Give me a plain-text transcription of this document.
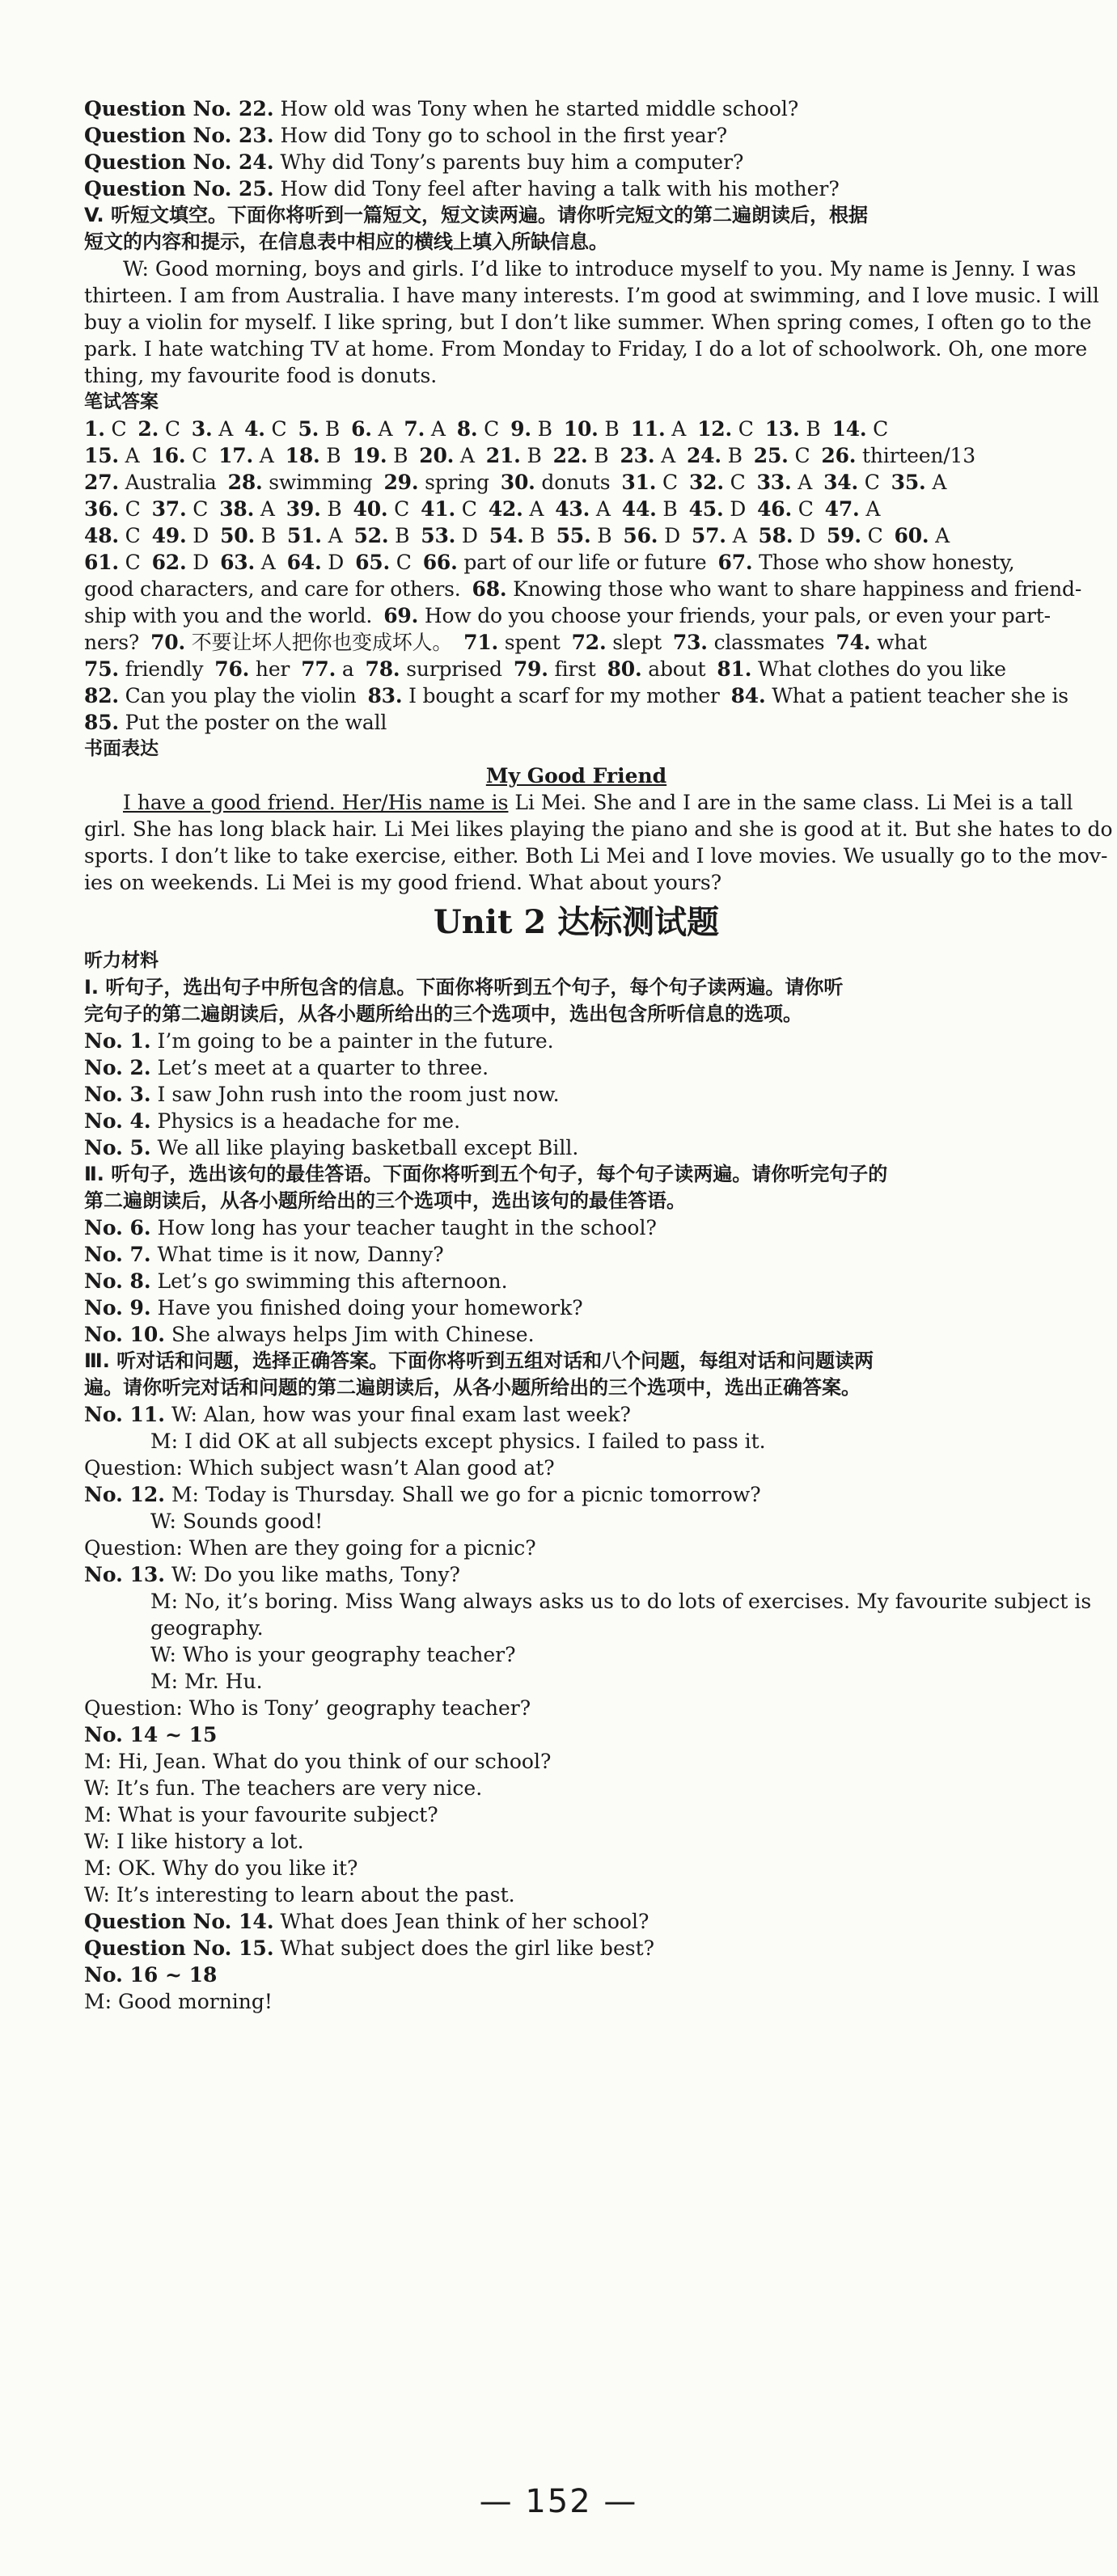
Question No. 22. How old was Tony when he started middle school?
Question No. 23. How did Tony go to school in the first year?
Question No. 24. Why did Tony’s parents buy him a computer?
Question No. 25. How did Tony feel after having a talk with his mother?
V. 听短文填空。下面你将听到一篇短文，短文读两遍。请你听完短文的第二遍朗读后，根据
短文的内容和提示，在信息表中相应的横线上填入所缺信息。
W: Good morning, boys and girls. I’d like to introduce myself to you. My name is Jenny. I was
thirteen. I am from Australia. I have many interests. I’m good at swimming, and I love music. I will
buy a violin for myself. I like spring, but I don’t like summer. When spring comes, I often go to the
park. I hate watching TV at home. From Monday to Friday, I do a lot of schoolwork. Oh, one more
thing, my favourite food is donuts.
笔试答案
1. C 2. C 3. A 4. C 5. B 6. A 7. A 8. C 9. B 10. B 11. A 12. C 13. B 14. C
15. A 16. C 17. A 18. B 19. B 20. A 21. B 22. B 23. A 24. B 25. C 26. thirteen/13
27. Australia 28. swimming 29. spring 30. donuts 31. C 32. C 33. A 34. C 35. A
36. C 37. C 38. A 39. B 40. C 41. C 42. A 43. A 44. B 45. D 46. C 47. A
48. C 49. D 50. B 51. A 52. B 53. D 54. B 55. B 56. D 57. A 58. D 59. C 60. A
61. C 62. D 63. A 64. D 65. C 66. part of our life or future 67. Those who show honesty,
good characters, and care for others. 68. Knowing those who want to share happiness and friend-
ship with you and the world. 69. How do you choose your friends, your pals, or even your part-
ners? 70. 不要让坏人把你也变成坏人。 71. spent 72. slept 73. classmates 74. what
75. friendly 76. her 77. a 78. surprised 79. first 80. about 81. What clothes do you like
82. Can you play the violin 83. I bought a scarf for my mother 84. What a patient teacher she is
85. Put the poster on the wall
书面表达
My Good Friend
I have a good friend. Her/His name is Li Mei. She and I are in the same class. Li Mei is a tall
girl. She has long black hair. Li Mei likes playing the piano and she is good at it. But she hates to do
sports. I don’t like to take exercise, either. Both Li Mei and I love movies. We usually go to the mov-
ies on weekends. Li Mei is my good friend. What about yours?
Unit 2 达标测试题
听力材料
Ⅰ. 听句子，选出句子中所包含的信息。下面你将听到五个句子，每个句子读两遍。请你听
完句子的第二遍朗读后，从各小题所给出的三个选项中，选出包含所听信息的选项。
No. 1. I’m going to be a painter in the future.
No. 2. Let’s meet at a quarter to three.
No. 3. I saw John rush into the room just now.
No. 4. Physics is a headache for me.
No. 5. We all like playing basketball except Bill.
Ⅱ. 听句子，选出该句的最佳答语。下面你将听到五个句子，每个句子读两遍。请你听完句子的
第二遍朗读后，从各小题所给出的三个选项中，选出该句的最佳答语。
No. 6. How long has your teacher taught in the school?
No. 7. What time is it now, Danny?
No. 8. Let’s go swimming this afternoon.
No. 9. Have you finished doing your homework?
No. 10. She always helps Jim with Chinese.
Ⅲ. 听对话和问题，选择正确答案。下面你将听到五组对话和八个问题，每组对话和问题读两
遍。请你听完对话和问题的第二遍朗读后，从各小题所给出的三个选项中，选出正确答案。
No. 11. W: Alan, how was your final exam last week?
M: I did OK at all subjects except physics. I failed to pass it.
Question: Which subject wasn’t Alan good at?
No. 12. M: Today is Thursday. Shall we go for a picnic tomorrow?
W: Sounds good!
Question: When are they going for a picnic?
No. 13. W: Do you like maths, Tony?
M: No, it’s boring. Miss Wang always asks us to do lots of exercises. My favourite subject is
geography.
W: Who is your geography teacher?
M: Mr. Hu.
Question: Who is Tony’ geography teacher?
No. 14 ~ 15
M: Hi, Jean. What do you think of our school?
W: It’s fun. The teachers are very nice.
M: What is your favourite subject?
W: I like history a lot.
M: OK. Why do you like it?
W: It’s interesting to learn about the past.
Question No. 14. What does Jean think of her school?
Question No. 15. What subject does the girl like best?
No. 16 ~ 18
M: Good morning!
— 152 —
